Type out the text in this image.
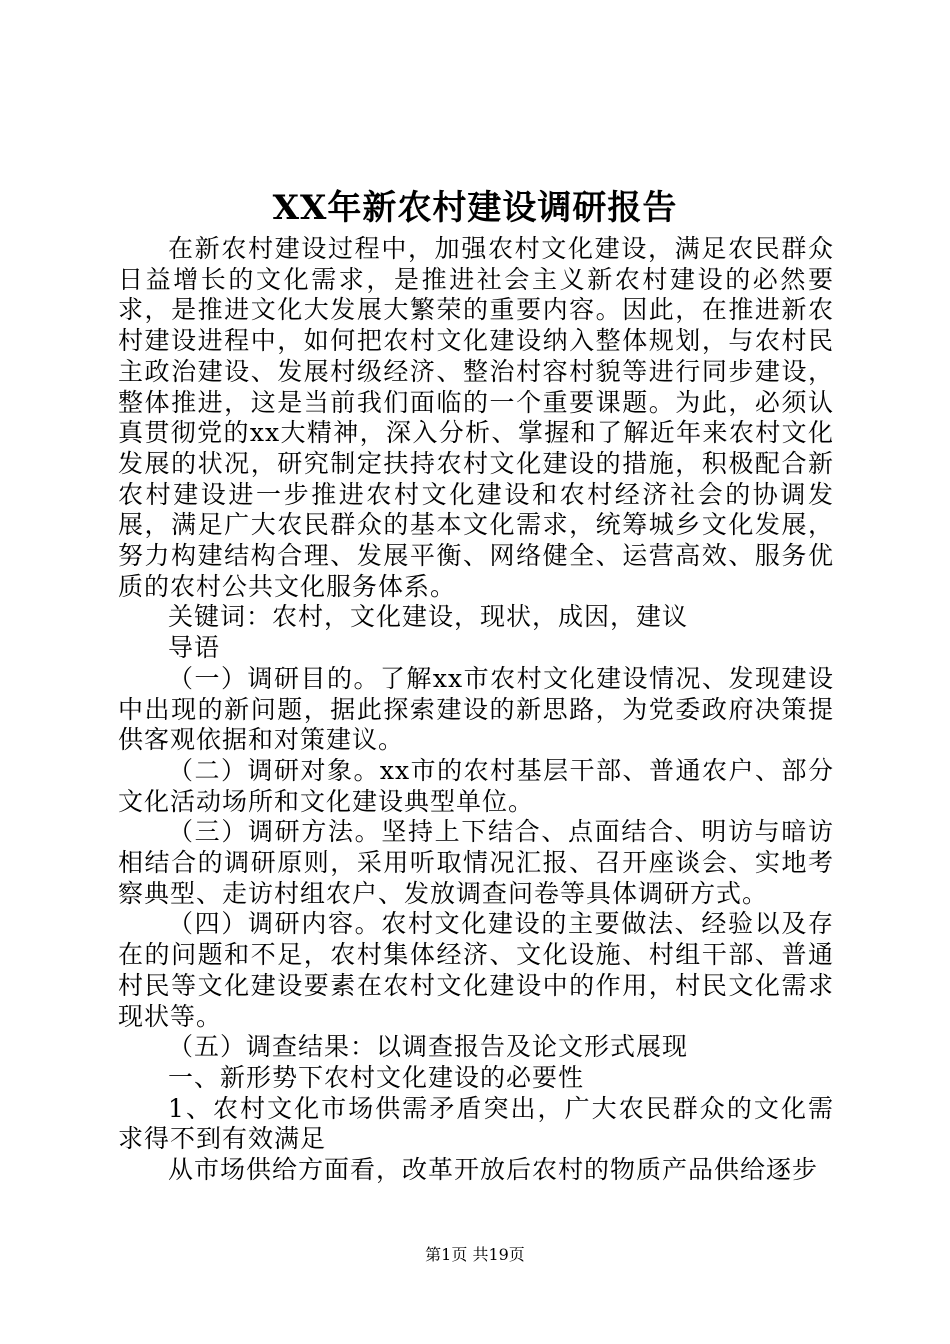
XX年新农村建设调研报告

在新农村建设过程中，加强农村文化建设，满足农民群众日益增长的文化需求，是推进社会主义新农村建设的必然要求，是推进文化大发展大繁荣的重要内容。因此，在推进新农村建设进程中，如何把农村文化建设纳入整体规划，与农村民主政治建设、发展村级经济、整治村容村貌等进行同步建设，整体推进，这是当前我们面临的一个重要课题。为此，必须认真贯彻党的xx大精神，深入分析、掌握和了解近年来农村文化发展的状况，研究制定扶持农村文化建设的措施，积极配合新农村建设进一步推进农村文化建设和农村经济社会的协调发展，满足广大农民群众的基本文化需求，统筹城乡文化发展，努力构建结构合理、发展平衡、网络健全、运营高效、服务优质的农村公共文化服务体系。

关键词：农村，文化建设，现状，成因，建议

导语

（一）调研目的。了解xx市农村文化建设情况、发现建设中出现的新问题，据此探索建设的新思路，为党委政府决策提供客观依据和对策建议。

（二）调研对象。xx市的农村基层干部、普通农户、部分文化活动场所和文化建设典型单位。

（三）调研方法。坚持上下结合、点面结合、明访与暗访相结合的调研原则，采用听取情况汇报、召开座谈会、实地考察典型、走访村组农户、发放调查问卷等具体调研方式。

（四）调研内容。农村文化建设的主要做法、经验以及存在的问题和不足，农村集体经济、文化设施、村组干部、普通村民等文化建设要素在农村文化建设中的作用，村民文化需求现状等。

（五）调查结果：以调查报告及论文形式展现

一、新形势下农村文化建设的必要性

1、农村文化市场供需矛盾突出，广大农民群众的文化需求得不到有效满足

从市场供给方面看，改革开放后农村的物质产品供给逐步

第1页 共19页
